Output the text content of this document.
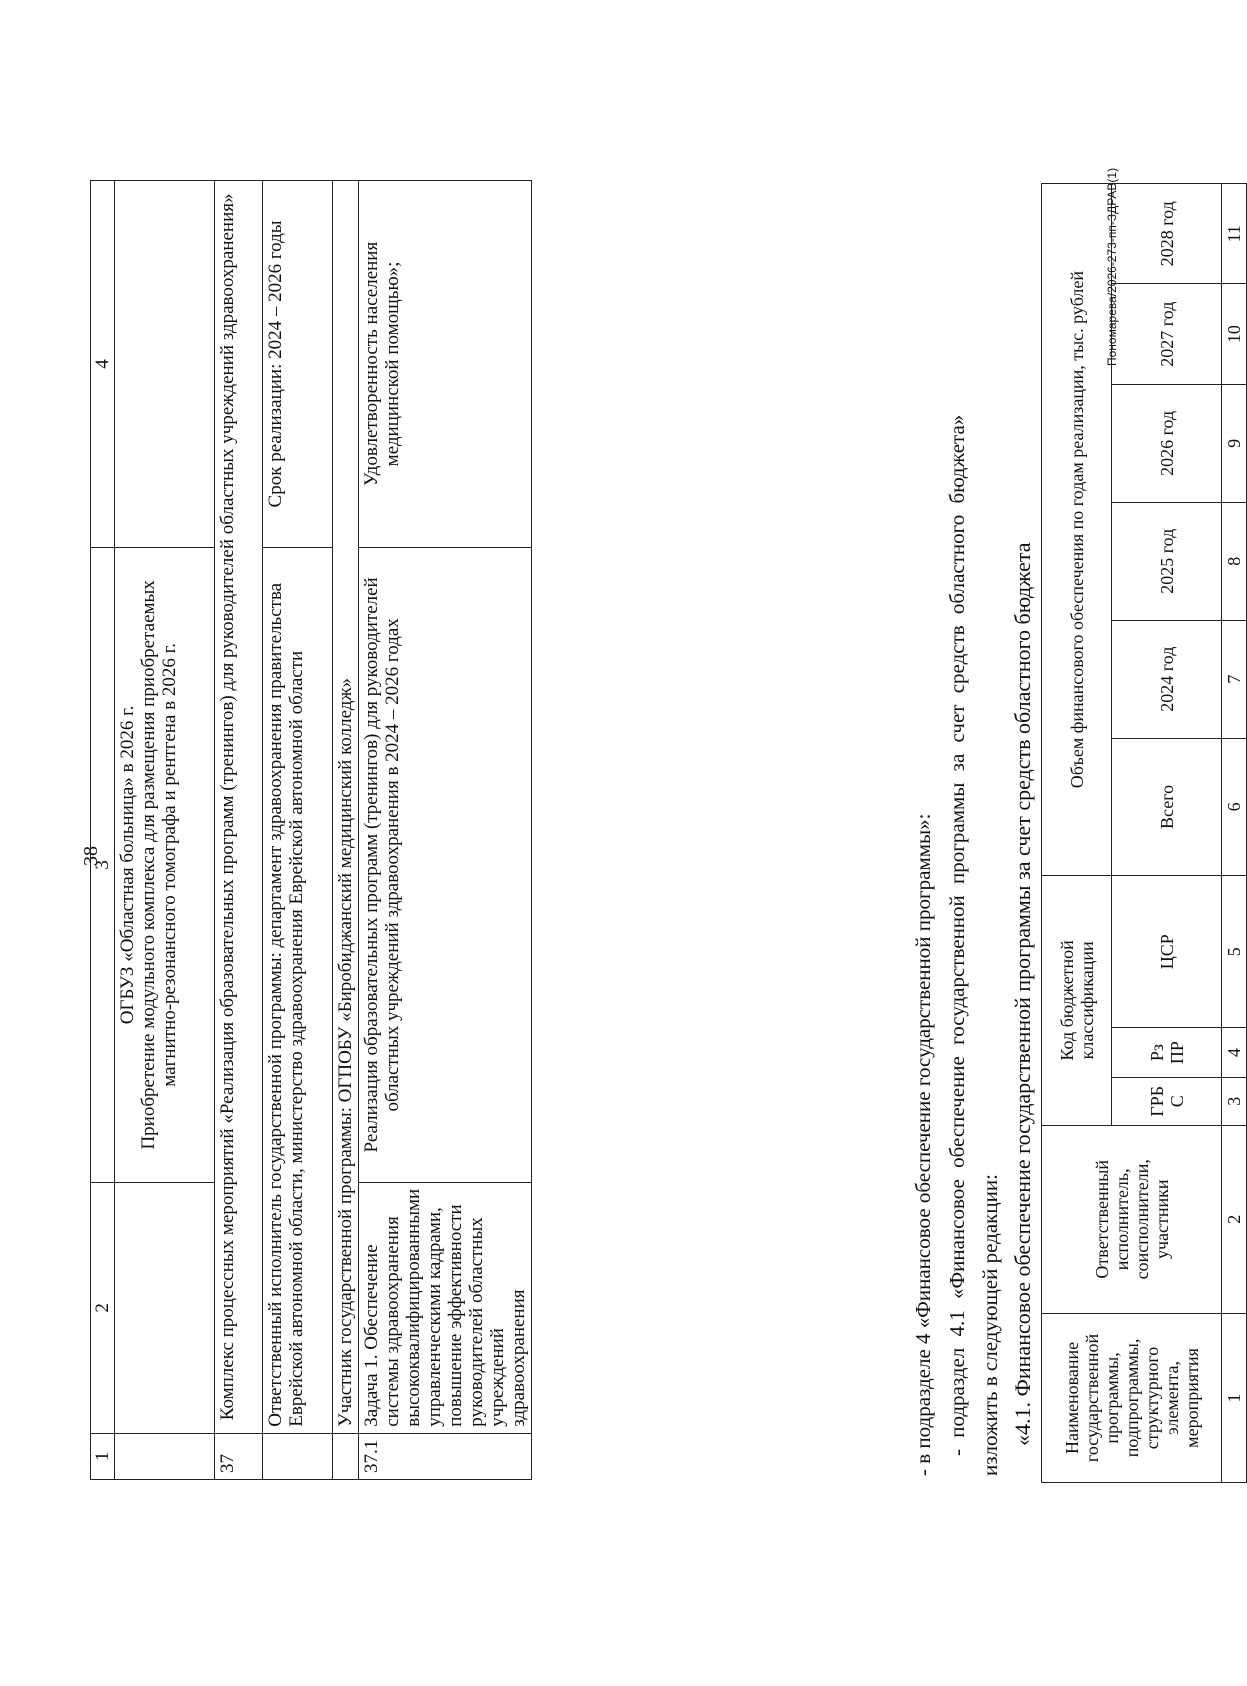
38
1	2	3	4

		ОГБУЗ «Областная больница» в 2026 г. Приобретение модульного комплекса для размещения приобретаемых магнитно-резонансного томографа и рентгена в 2026 г.	

37	Комплекс процессных мероприятий «Реализация образовательных программ (тренингов) для руководителей областных учреждений здравоохранения»		
	Ответственный исполнитель государственной программы: департамент здравоохранения правительства Еврейской автономной области, министерство здравоохранения Еврейской автономной области		Срок реализации: 2024 – 2026 годы
	Участник государственной программы: ОГПОБУ «Биробиджанский медицинский колледж»		
37.1	Задача 1. Обеспечение системы здравоохранения высококвалифицированными управленческими кадрами, повышение эффективности руководителей областных учреждений здравоохранения	Реализация образовательных программ (тренингов) для руководителей областных учреждений здравоохранения в 2024 – 2026 годах	Удовлетворенность населения медицинской помощью»;
- в подразделе 4 «Финансовое обеспечение государственной программы»: - подраздел 4.1 «Финансовое обеспечение государственной программы за счет средств областного бюджета» изложить в следующей редакции: «4.1. Финансовое обеспечение государственной программы за счет средств областного бюджета Наименование государственной программы, подпрограммы, структурного элемента, мероприятия	Ответственный исполнитель, соисполнители, участники	Код бюджетной классификации			Объем финансового обеспечения по годам реализации, тыс. рублей					
		ГРБ С	Рз ПР	ЦСР	Всего	2024 год	2025 год	2026 год	2027 год	2028 год
1	2	3	4	5	6	7	8	9	10	11
Пономарева/2026-273-пп-ЗДРАВ(1)
